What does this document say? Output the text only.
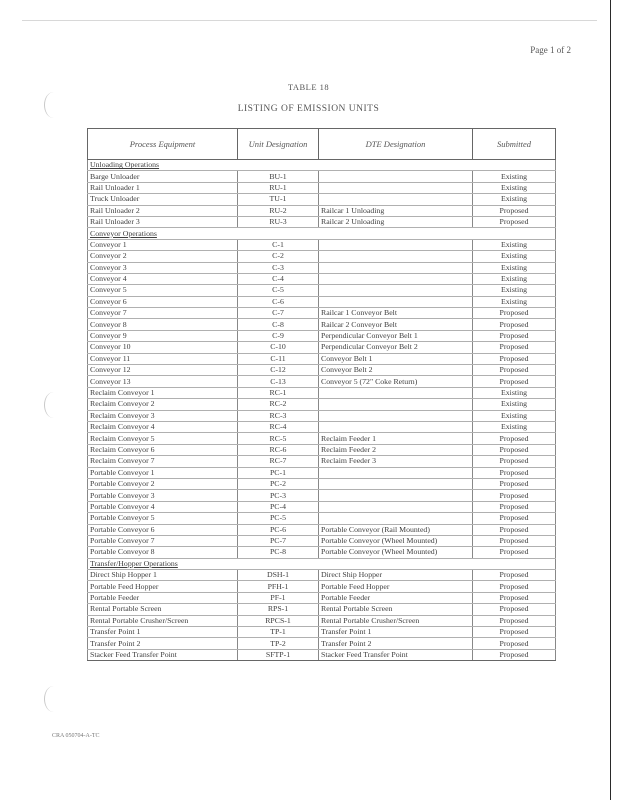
Page 1 of 2
TABLE 18
LISTING OF EMISSION UNITS
Process Equipment	Unit Designation	DTE Designation	Submitted
Unloading Operations			
Barge Unloader	BU-1		Existing
Rail Unloader 1	RU-1		Existing
Truck Unloader	TU-1		Existing
Rail Unloader 2	RU-2	Railcar 1 Unloading	Proposed
Rail Unloader 3	RU-3	Railcar 2 Unloading	Proposed
Conveyor Operations			
Conveyor 1	C-1		Existing
Conveyor 2	C-2		Existing
Conveyor 3	C-3		Existing
Conveyor 4	C-4		Existing
Conveyor 5	C-5		Existing
Conveyor 6	C-6		Existing
Conveyor 7	C-7	Railcar 1 Conveyor Belt	Proposed
Conveyor 8	C-8	Railcar 2 Conveyor Belt	Proposed
Conveyor 9	C-9	Perpendicular Conveyor Belt 1	Proposed
Conveyor 10	C-10	Perpendicular Conveyor Belt 2	Proposed
Conveyor 11	C-11	Conveyor Belt 1	Proposed
Conveyor 12	C-12	Conveyor Belt 2	Proposed
Conveyor 13	C-13	Conveyor 5 (72" Coke Return)	Proposed
Reclaim Conveyor 1	RC-1		Existing
Reclaim Conveyor 2	RC-2		Existing
Reclaim Conveyor 3	RC-3		Existing
Reclaim Conveyor 4	RC-4		Existing
Reclaim Conveyor 5	RC-5	Reclaim Feeder 1	Proposed
Reclaim Conveyor 6	RC-6	Reclaim Feeder 2	Proposed
Reclaim Conveyor 7	RC-7	Reclaim Feeder 3	Proposed
Portable Conveyor 1	PC-1		Proposed
Portable Conveyor 2	PC-2		Proposed
Portable Conveyor 3	PC-3		Proposed
Portable Conveyor 4	PC-4		Proposed
Portable Conveyor 5	PC-5		Proposed
Portable Conveyor 6	PC-6	Portable Conveyor (Rail Mounted)	Proposed
Portable Conveyor 7	PC-7	Portable Conveyor (Wheel Mounted)	Proposed
Portable Conveyor 8	PC-8	Portable Conveyor (Wheel Mounted)	Proposed
Transfer/Hopper Operations			
Direct Ship Hopper 1	DSH-1	Direct Ship Hopper	Proposed
Portable Feed Hopper	PFH-1	Portable Feed Hopper	Proposed
Portable Feeder	PF-1	Portable Feeder	Proposed
Rental Portable Screen	RPS-1	Rental Portable Screen	Proposed
Rental Portable Crusher/Screen	RPCS-1	Rental Portable Crusher/Screen	Proposed
Transfer Point 1	TP-1	Transfer Point 1	Proposed
Transfer Point 2	TP-2	Transfer Point 2	Proposed
Stacker Feed Transfer Point	SFTP-1	Stacker Feed Transfer Point	Proposed
CRA 050704-A-TC
